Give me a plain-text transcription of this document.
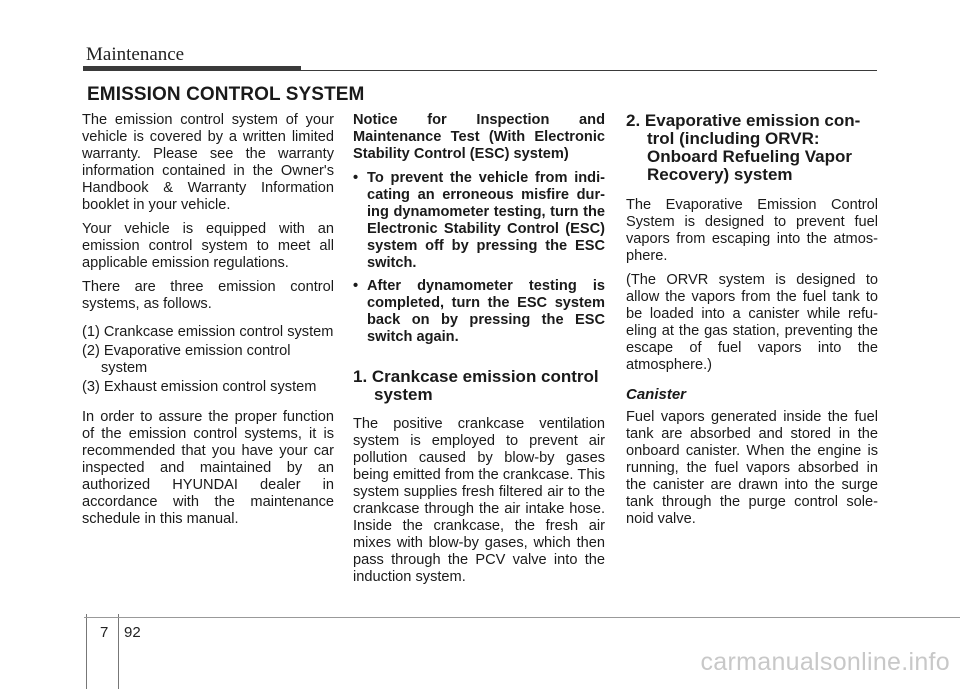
Maintenance
EMISSION CONTROL SYSTEM

The emission control system of your vehicle is covered by a written limited warranty. Please see the warranty information contained in the Owner's Handbook & Warranty Information booklet in your vehicle.

Your vehicle is equipped with an emission control system to meet all applicable emission regulations.

There are three emission control systems, as follows.

(1) Crankcase emission control system
(2) Evaporative emission control system
(3) Exhaust emission control system

In order to assure the proper function of the emission control systems, it is recommended that you have your car inspected and maintained by an authorized HYUNDAI dealer in accordance with the maintenance schedule in this manual.

Notice for Inspection and Maintenance Test (With Electronic Stability Control (ESC) system)

• To prevent the vehicle from indi-cating an erroneous misfire dur-ing dynamometer testing, turn the Electronic Stability Control (ESC) system off by pressing the ESC switch.
• After dynamometer testing is completed, turn the ESC system back on by pressing the ESC switch again.
1. Crankcase emission control system

The positive crankcase ventilation system is employed to prevent air pollution caused by blow-by gases being emitted from the crankcase. This system supplies fresh filtered air to the crankcase through the air intake hose. Inside the crankcase, the fresh air mixes with blow-by gases, which then pass through the PCV valve into the induction system.

2. Evaporative emission con-trol (including ORVR: Onboard Refueling Vapor Recovery) system

The Evaporative Emission Control System is designed to prevent fuel vapors from escaping into the atmos-phere.

(The ORVR system is designed to allow the vapors from the fuel tank to be loaded into a canister while refu-eling at the gas station, preventing the escape of fuel vapors into the atmosphere.)

Canister

Fuel vapors generated inside the fuel tank are absorbed and stored in the onboard canister. When the engine is running, the fuel vapors absorbed in the canister are drawn into the surge tank through the purge control sole-noid valve.

7 92
carmanualsonline.info
